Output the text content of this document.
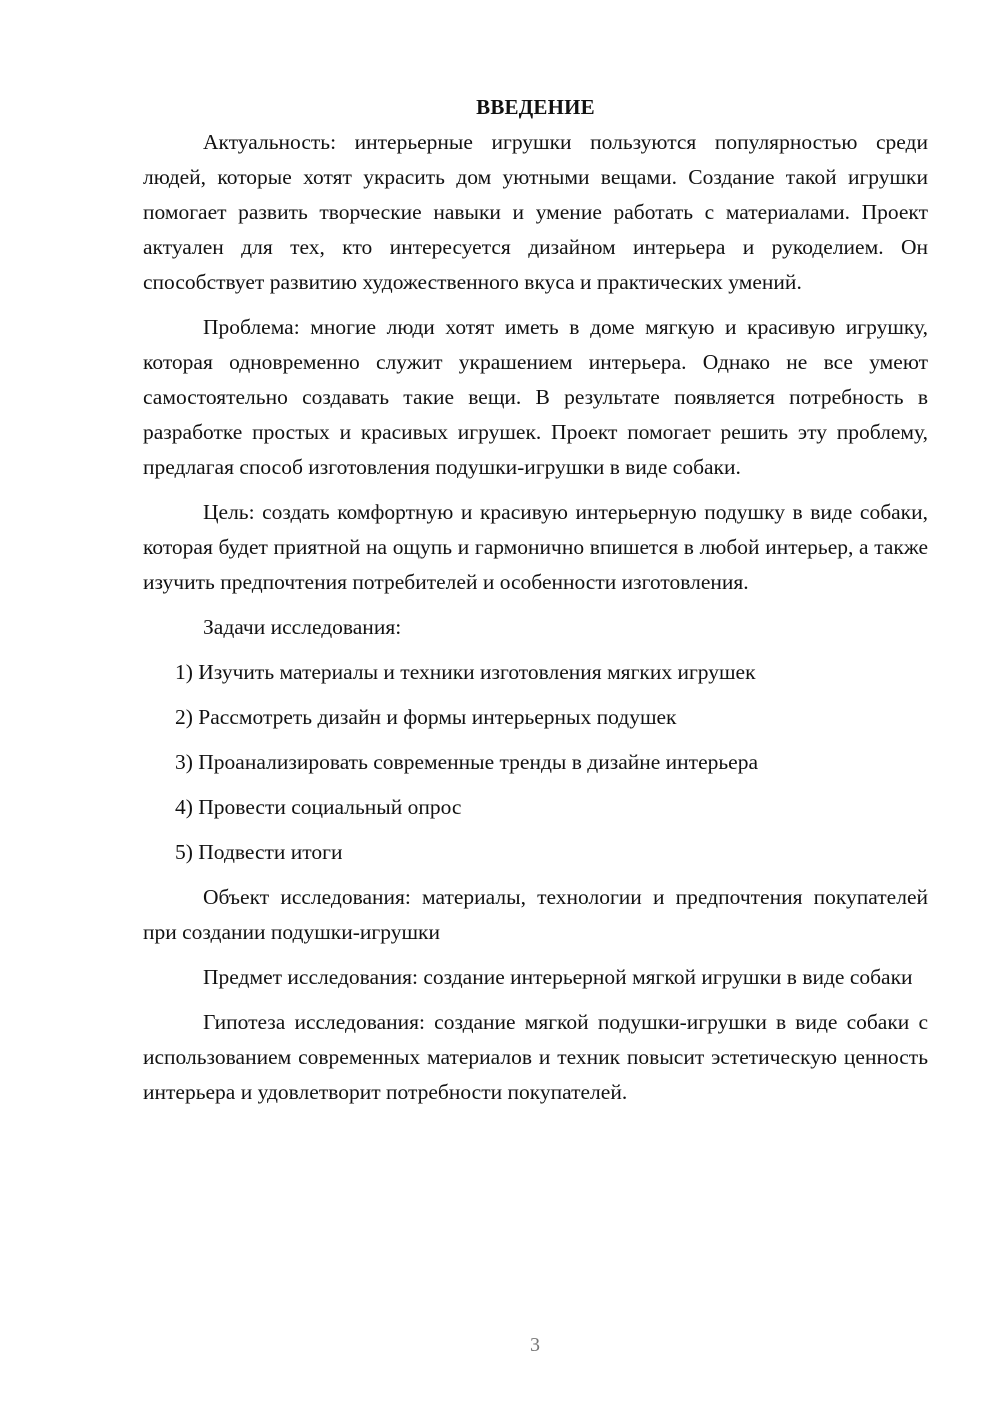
ВВЕДЕНИЕ

Актуальность: интерьерные игрушки пользуются популярностью среди людей, которые хотят украсить дом уютными вещами. Создание такой игрушки помогает развить творческие навыки и умение работать с материалами. Проект актуален для тех, кто интересуется дизайном интерьера и рукоделием. Он способствует развитию художественного вкуса и практических умений.

Проблема: многие люди хотят иметь в доме мягкую и красивую игрушку, которая одновременно служит украшением интерьера. Однако не все умеют самостоятельно создавать такие вещи. В результате появляется потребность в разработке простых и красивых игрушек. Проект помогает решить эту проблему, предлагая способ изготовления подушки-игрушки в виде собаки.

Цель: создать комфортную и красивую интерьерную подушку в виде собаки, которая будет приятной на ощупь и гармонично впишется в любой интерьер, а также изучить предпочтения потребителей и особенности изготовления.

Задачи исследования:

1) Изучить материалы и техники изготовления мягких игрушек
2) Рассмотреть дизайн и формы интерьерных подушек
3) Проанализировать современные тренды в дизайне интерьера
4) Провести социальный опрос
5) Подвести итоги

Объект исследования: материалы, технологии и предпочтения покупателей при создании подушки-игрушки

Предмет исследования: создание интерьерной мягкой игрушки в виде собаки

Гипотеза исследования: создание мягкой подушки-игрушки в виде собаки с использованием современных материалов и техник повысит эстетическую ценность интерьера и удовлетворит потребности покупателей.

3
